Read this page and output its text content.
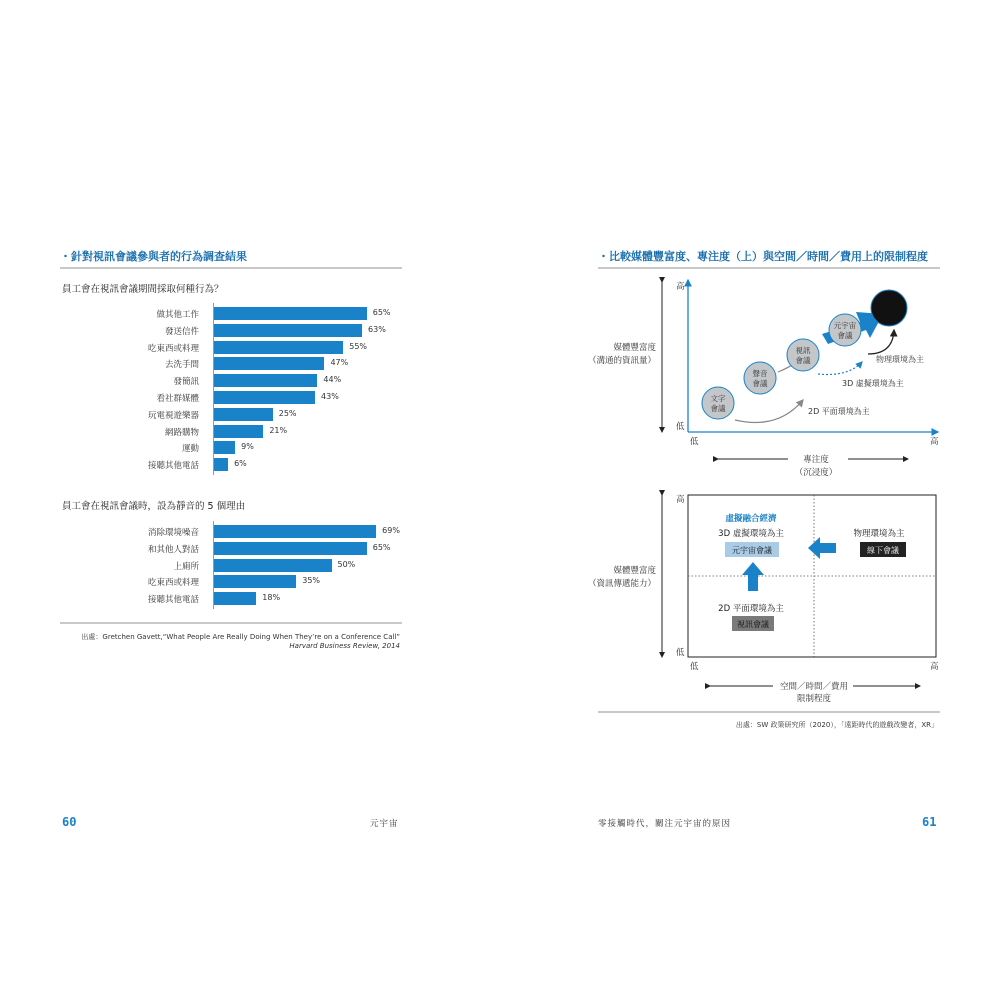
・針對視訊會議參與者的行為調查結果
員工會在視訊會議期間採取何種行為？
做其他工作	65%
發送信件	63%
吃東西或料理	55%
去洗手間	47%
發簡訊	44%
看社群媒體	43%
玩電視遊樂器	25%
網路購物	21%
運動	9%
接聽其他電話	6%
員工會在視訊會議時，設為靜音的 5 個理由
消除環境噪音	69%
和其他人對話	65%
上廁所	50%
吃東西或料理	35%
接聽其他電話	18%
出處：Gretchen Gavett,“What People Are Really Doing When They’re on a Conference Call”
Harvard Business Review, 2014
60	元宇宙
・比較媒體豐富度、專注度（上）與空間／時間／費用上的限制程度
媒體豐富度
（溝通的資訊量）
高
低
低	高
專注度
（沉浸度）
文字
會議
聲音
會議
視訊
會議
元宇宙
會議
物理環境為主
3D 虛擬環境為主
2D 平面環境為主
媒體豐富度
（資訊傳遞能力）
高
低
低	高
空間／時間／費用
限制程度
虛擬融合經濟
3D 虛擬環境為主
元宇宙會議
物理環境為主
線下會議
2D 平面環境為主
視訊會議
出處：SW 政策研究所（2020），「遠距時代的遊戲改變者，XR」
零接觸時代，關注元宇宙的原因	61
